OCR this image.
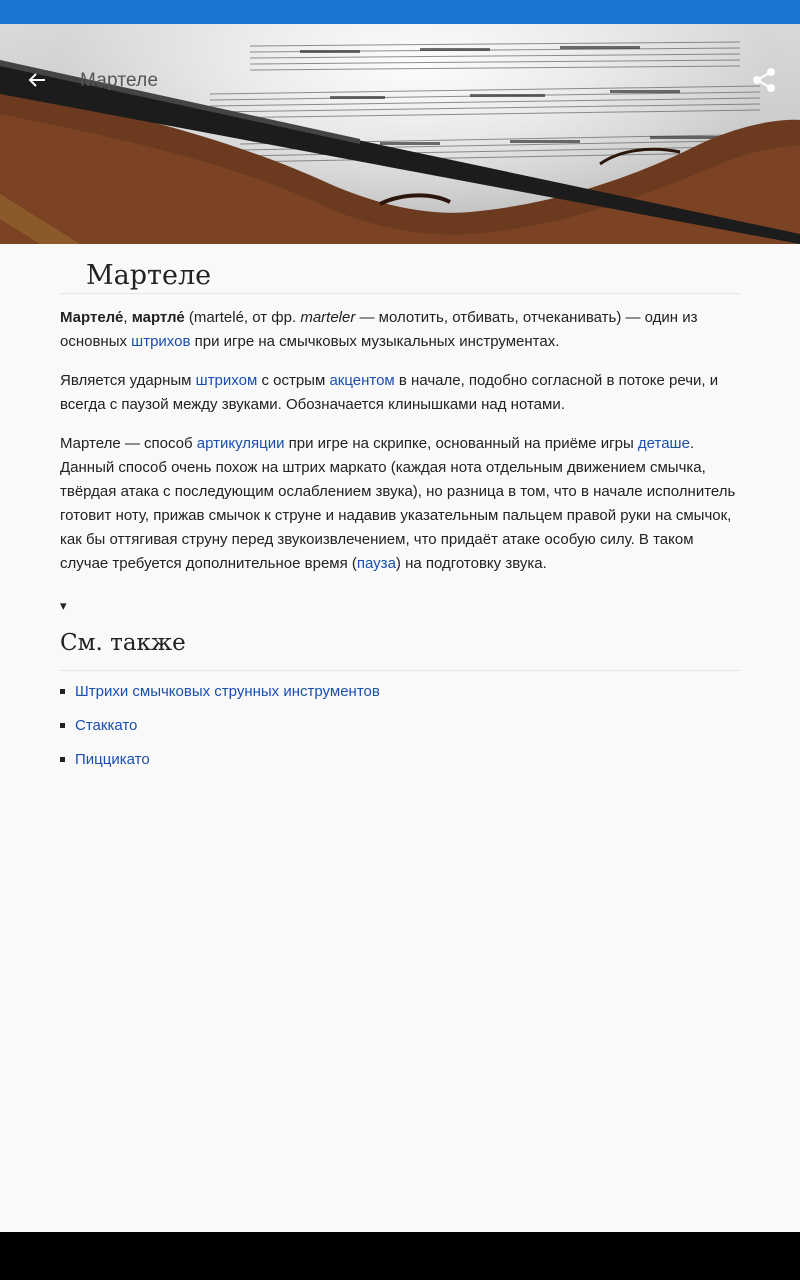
Мартеле
Мартеле

Мартеле́, мартле́ (martelé, от фр. marteler — молотить, отбивать, отчеканивать) — один из основных штрихов при игре на смычковых музыкальных инструментах.

Является ударным штрихом с острым акцентом в начале, подобно согласной в потоке речи, и всегда с паузой между звуками. Обозначается клинышками над нотами.

Мартеле — способ артикуляции при игре на скрипке, основанный на приёме игры деташе. Данный способ очень похож на штрих маркато (каждая нота отдельным движением смычка, твёрдая атака с последующим ослаблением звука), но разница в том, что в начале исполнитель готовит ноту, прижав смычок к струне и надавив указательным пальцем правой руки на смычок, как бы оттягивая струну перед звукоизвлечением, что придаёт атаке особую силу. В таком случае требуется дополнительное время (пауза) на подготовку звука.

▾
См. также
Штрихи смычковых струнных инструментов
Стаккато
Пиццикато
